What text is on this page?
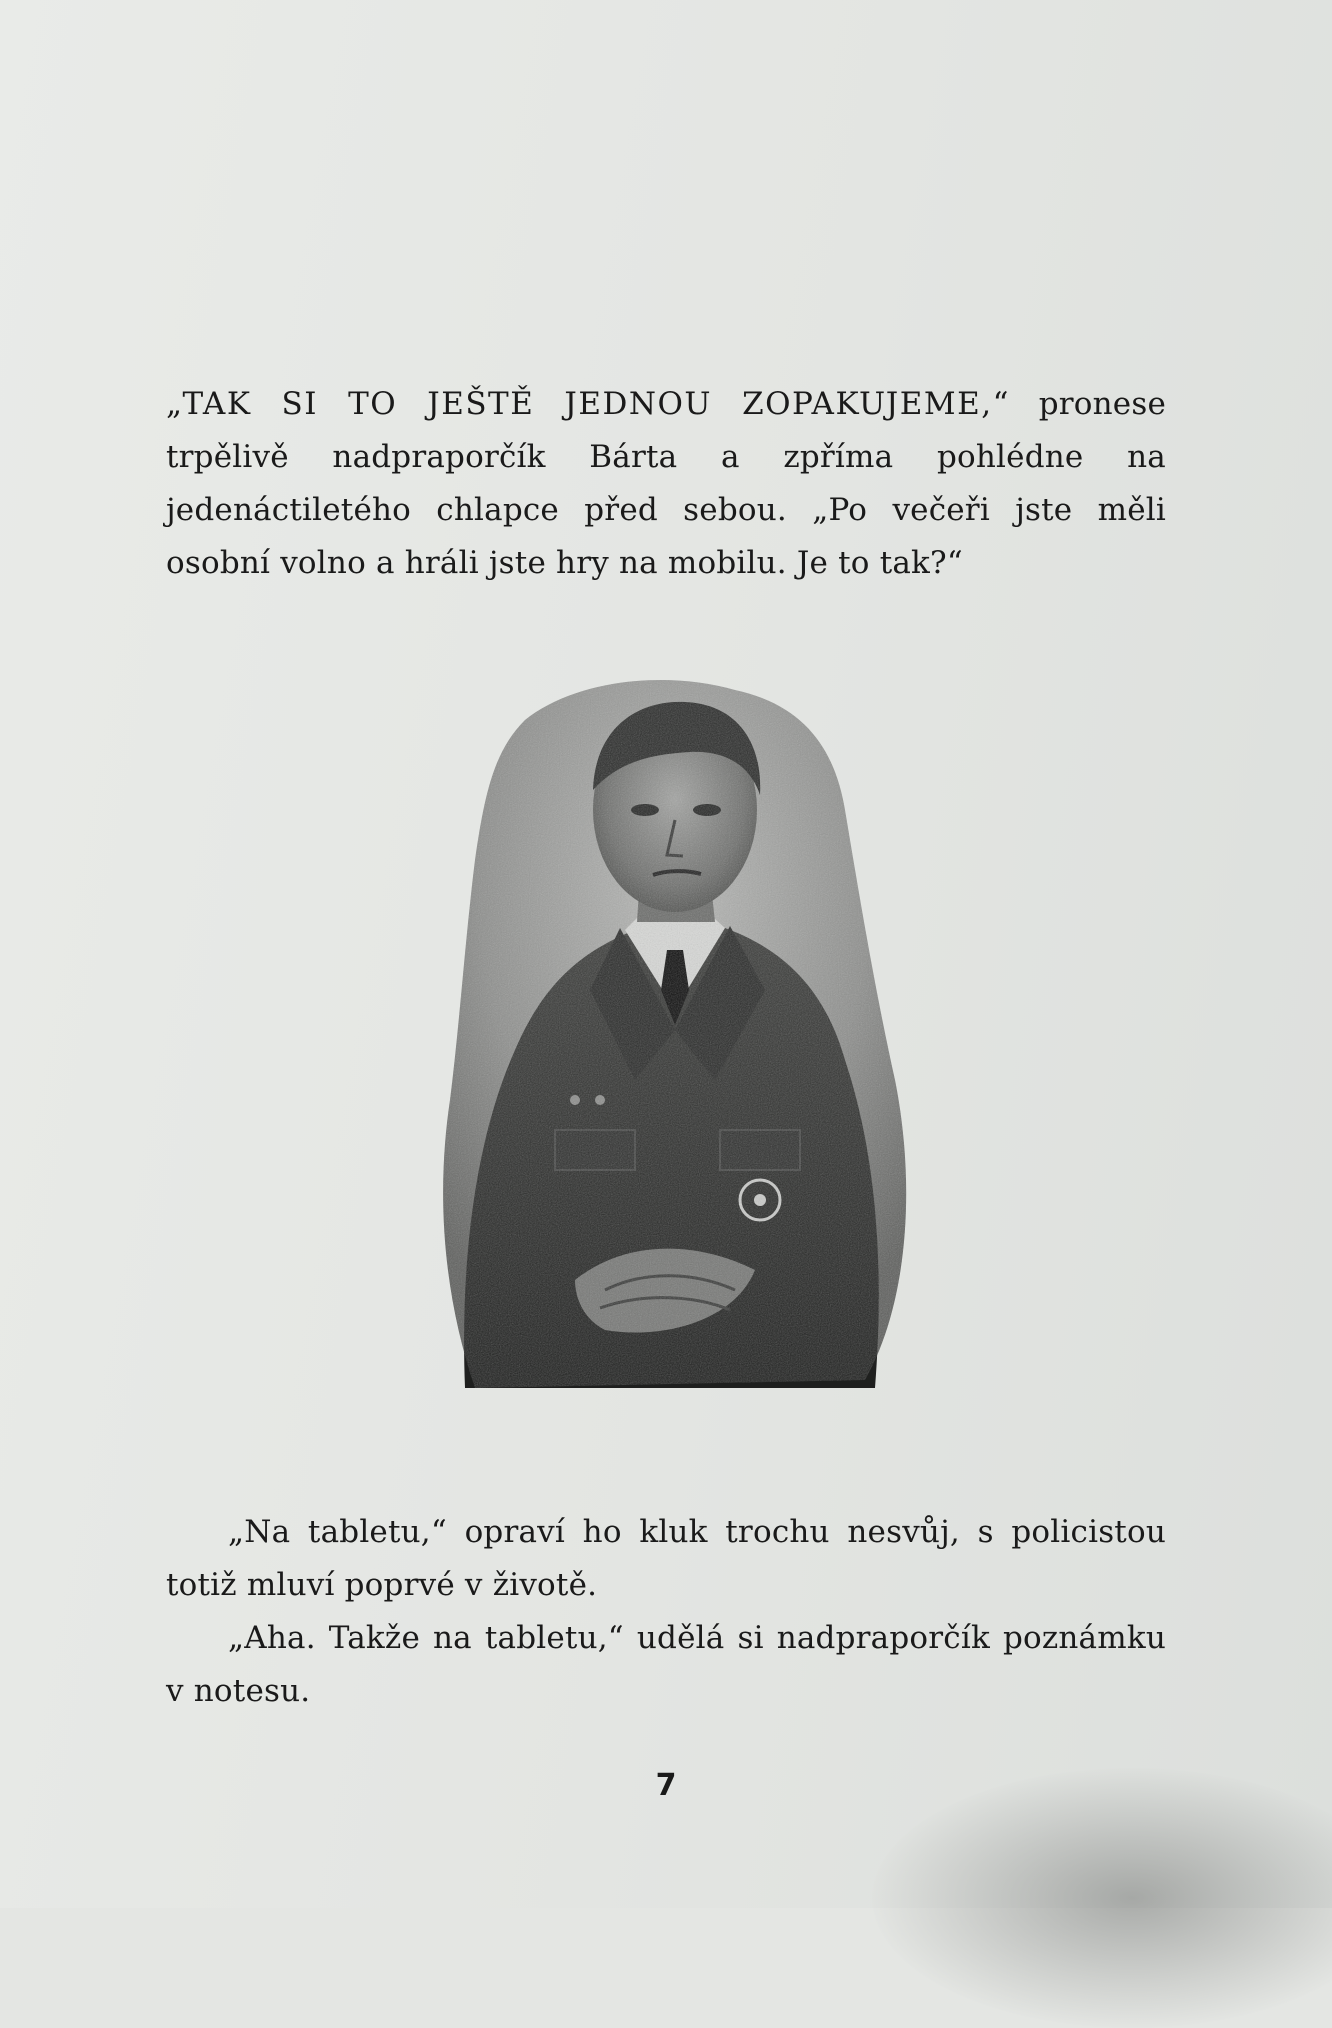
„TAK SI TO JEŠTĚ JEDNOU ZOPAKUJEME,“ pronese trpělivě nadpraporčík Bárta a zpříma pohlédne na jedenáctiletého chlapce před sebou. „Po večeři jste měli osobní volno a hráli jste hry na mobilu. Je to tak?“

„Na tabletu,“ opraví ho kluk trochu nesvůj, s policistou totiž mluví poprvé v životě.

„Aha. Takže na tabletu,“ udělá si nadpraporčík poznámku v notesu.

7
